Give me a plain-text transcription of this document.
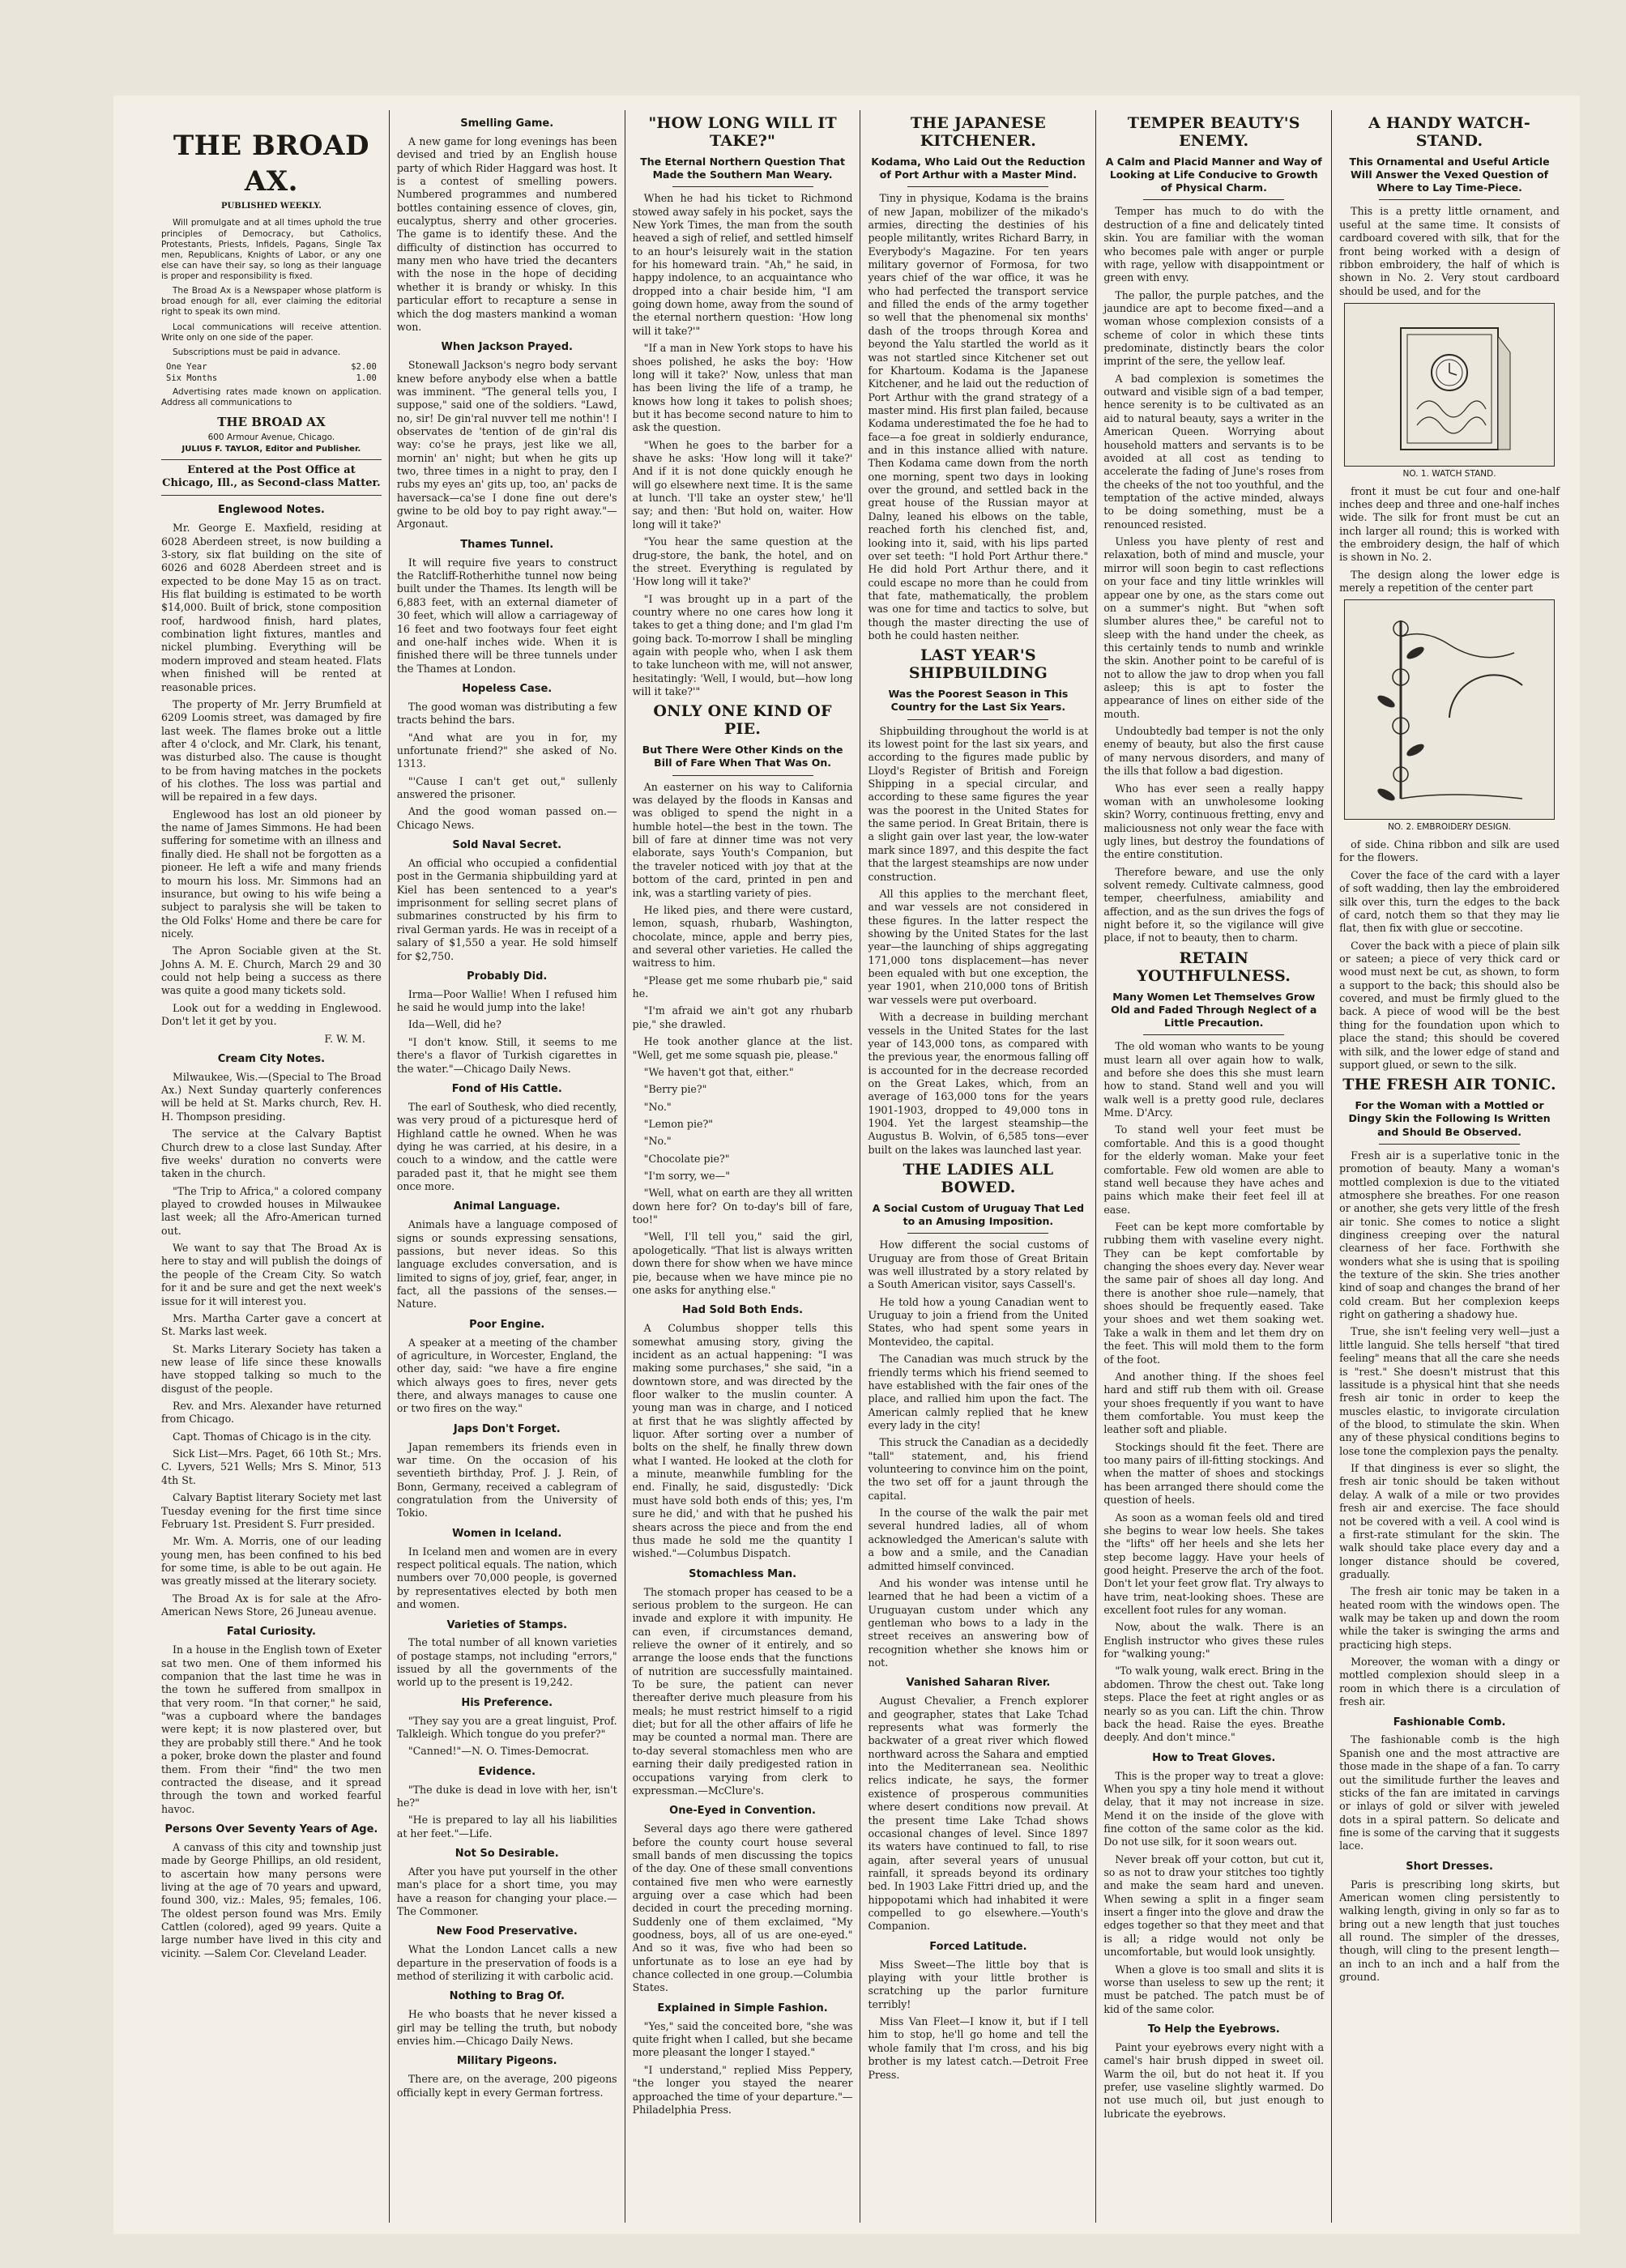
THE BROAD AX.
PUBLISHED WEEKLY.

Will promulgate and at all times uphold the true principles of Democracy, but Catholics, Protestants, Priests, Infidels, Pagans, Single Tax men, Republicans, Knights of Labor, or any one else can have their say, so long as their language is proper and responsibility is fixed.

The Broad Ax is a Newspaper whose platform is broad enough for all, ever claiming the editorial right to speak its own mind.

Local communications will receive attention. Write only on one side of the paper.

Subscriptions must be paid in advance.

One Year	$2.00
Six Months	1.00

Advertising rates made known on application. Address all communications to

THE BROAD AX
600 Armour Avenue, Chicago.
JULIUS F. TAYLOR, Editor and Publisher.
Entered at the Post Office at Chicago, Ill., as Second-class Matter.
Englewood Notes.

Mr. George E. Maxfield, residing at 6028 Aberdeen street, is now building a 3-story, six flat building on the site of 6026 and 6028 Aberdeen street and is expected to be done May 15 as on tract. His flat building is estimated to be worth $14,000. Built of brick, stone composition roof, hardwood finish, hard plates, combination light fixtures, mantles and nickel plumbing. Everything will be modern improved and steam heated. Flats when finished will be rented at reasonable prices.

The property of Mr. Jerry Brumfield at 6209 Loomis street, was damaged by fire last week. The flames broke out a little after 4 o'clock, and Mr. Clark, his tenant, was disturbed also. The cause is thought to be from having matches in the pockets of his clothes. The loss was partial and will be repaired in a few days.

Englewood has lost an old pioneer by the name of James Simmons. He had been suffering for sometime with an illness and finally died. He shall not be forgotten as a pioneer. He left a wife and many friends to mourn his loss. Mr. Simmons had an insurance, but owing to his wife being a subject to paralysis she will be taken to the Old Folks' Home and there be care for nicely.

The Apron Sociable given at the St. Johns A. M. E. Church, March 29 and 30 could not help being a success as there was quite a good many tickets sold.

Look out for a wedding in Englewood. Don't let it get by you.

F. W. M.
Cream City Notes.

Milwaukee, Wis.—(Special to The Broad Ax.) Next Sunday quarterly conferences will be held at St. Marks church, Rev. H. H. Thompson presiding.

The service at the Calvary Baptist Church drew to a close last Sunday. After five weeks' duration no converts were taken in the church.

"The Trip to Africa," a colored company played to crowded houses in Milwaukee last week; all the Afro-American turned out.

We want to say that The Broad Ax is here to stay and will publish the doings of the people of the Cream City. So watch for it and be sure and get the next week's issue for it will interest you.

Mrs. Martha Carter gave a concert at St. Marks last week.

St. Marks Literary Society has taken a new lease of life since these knowalls have stopped talking so much to the disgust of the people.

Rev. and Mrs. Alexander have returned from Chicago.

Capt. Thomas of Chicago is in the city.

Sick List—Mrs. Paget, 66 10th St.; Mrs. C. Lyvers, 521 Wells; Mrs S. Minor, 513 4th St.

Calvary Baptist literary Society met last Tuesday evening for the first time since February 1st. President S. Furr presided.

Mr. Wm. A. Morris, one of our leading young men, has been confined to his bed for some time, is able to be out again. He was greatly missed at the literary society.

The Broad Ax is for sale at the Afro-American News Store, 26 Juneau avenue.

Fatal Curiosity.

In a house in the English town of Exeter sat two men. One of them informed his companion that the last time he was in the town he suffered from smallpox in that very room. "In that corner," he said, "was a cupboard where the bandages were kept; it is now plastered over, but they are probably still there." And he took a poker, broke down the plaster and found them. From their "find" the two men contracted the disease, and it spread through the town and worked fearful havoc.

Persons Over Seventy Years of Age.

A canvass of this city and township just made by George Phillips, an old resident, to ascertain how many persons were living at the age of 70 years and upward, found 300, viz.: Males, 95; females, 106. The oldest person found was Mrs. Emily Cattlen (colored), aged 99 years. Quite a large number have lived in this city and vicinity. —Salem Cor. Cleveland Leader.

Smelling Game.

A new game for long evenings has been devised and tried by an English house party of which Rider Haggard was host. It is a contest of smelling powers. Numbered programmes and numbered bottles containing essence of cloves, gin, eucalyptus, sherry and other groceries. The game is to identify these. And the difficulty of distinction has occurred to many men who have tried the decanters with the nose in the hope of deciding whether it is brandy or whisky. In this particular effort to recapture a sense in which the dog masters mankind a woman won.

When Jackson Prayed.

Stonewall Jackson's negro body servant knew before anybody else when a battle was imminent. "The general tells you, I suppose," said one of the soldiers. "Lawd, no, sir! De gin'ral nuvver tell me nothin'! I observates de 'tention of de gin'ral dis way: co'se he prays, jest like we all, mornin' an' night; but when he gits up two, three times in a night to pray, den I rubs my eyes an' gits up, too, an' packs de haversack—ca'se I done fine out dere's gwine to be old boy to pay right away."—Argonaut.

Thames Tunnel.

It will require five years to construct the Ratcliff-Rotherhithe tunnel now being built under the Thames. Its length will be 6,883 feet, with an external diameter of 30 feet, which will allow a carriageway of 16 feet and two footways four feet eight and one-half inches wide. When it is finished there will be three tunnels under the Thames at London.

Hopeless Case.

The good woman was distributing a few tracts behind the bars.

"And what are you in for, my unfortunate friend?" she asked of No. 1313.

"'Cause I can't get out," sullenly answered the prisoner.

And the good woman passed on.—Chicago News.

Sold Naval Secret.

An official who occupied a confidential post in the Germania shipbuilding yard at Kiel has been sentenced to a year's imprisonment for selling secret plans of submarines constructed by his firm to rival German yards. He was in receipt of a salary of $1,550 a year. He sold himself for $2,750.

Probably Did.

Irma—Poor Wallie! When I refused him he said he would jump into the lake!

Ida—Well, did he?

"I don't know. Still, it seems to me there's a flavor of Turkish cigarettes in the water."—Chicago Daily News.

Fond of His Cattle.

The earl of Southesk, who died recently, was very proud of a picturesque herd of Highland cattle he owned. When he was dying he was carried, at his desire, in a couch to a window, and the cattle were paraded past it, that he might see them once more.

Animal Language.

Animals have a language composed of signs or sounds expressing sensations, passions, but never ideas. So this language excludes conversation, and is limited to signs of joy, grief, fear, anger, in fact, all the passions of the senses.—Nature.

Poor Engine.

A speaker at a meeting of the chamber of agriculture, in Worcester, England, the other day, said: "we have a fire engine which always goes to fires, never gets there, and always manages to cause one or two fires on the way."

Japs Don't Forget.

Japan remembers its friends even in war time. On the occasion of his seventieth birthday, Prof. J. J. Rein, of Bonn, Germany, received a cablegram of congratulation from the University of Tokio.

Women in Iceland.

In Iceland men and women are in every respect political equals. The nation, which numbers over 70,000 people, is governed by representatives elected by both men and women.

Varieties of Stamps.

The total number of all known varieties of postage stamps, not including "errors," issued by all the governments of the world up to the present is 19,242.

His Preference.

"They say you are a great linguist, Prof. Talkleigh. Which tongue do you prefer?"

"Canned!"—N. O. Times-Democrat.

Evidence.

"The duke is dead in love with her, isn't he?"

"He is prepared to lay all his liabilities at her feet."—Life.

Not So Desirable.

After you have put yourself in the other man's place for a short time, you may have a reason for changing your place.—The Commoner.

New Food Preservative.

What the London Lancet calls a new departure in the preservation of foods is a method of sterilizing it with carbolic acid.

Nothing to Brag Of.

He who boasts that he never kissed a girl may be telling the truth, but nobody envies him.—Chicago Daily News.

Military Pigeons.

There are, on the average, 200 pigeons officially kept in every German fortress.

"HOW LONG WILL IT TAKE?"
The Eternal Northern Question That Made the Southern Man Weary.

When he had his ticket to Richmond stowed away safely in his pocket, says the New York Times, the man from the south heaved a sigh of relief, and settled himself to an hour's leisurely wait in the station for his homeward train. "Ah," he said, in happy indolence, to an acquaintance who dropped into a chair beside him, "I am going down home, away from the sound of the eternal northern question: 'How long will it take?'"

"If a man in New York stops to have his shoes polished, he asks the boy: 'How long will it take?' Now, unless that man has been living the life of a tramp, he knows how long it takes to polish shoes; but it has become second nature to him to ask the question.

"When he goes to the barber for a shave he asks: 'How long will it take?' And if it is not done quickly enough he will go elsewhere next time. It is the same at lunch. 'I'll take an oyster stew,' he'll say; and then: 'But hold on, waiter. How long will it take?'

"You hear the same question at the drug-store, the bank, the hotel, and on the street. Everything is regulated by 'How long will it take?'

"I was brought up in a part of the country where no one cares how long it takes to get a thing done; and I'm glad I'm going back. To-morrow I shall be mingling again with people who, when I ask them to take luncheon with me, will not answer, hesitatingly: 'Well, I would, but—how long will it take?'"

ONLY ONE KIND OF PIE.
But There Were Other Kinds on the Bill of Fare When That Was On.

An easterner on his way to California was delayed by the floods in Kansas and was obliged to spend the night in a humble hotel—the best in the town. The bill of fare at dinner time was not very elaborate, says Youth's Companion, but the traveler noticed with joy that at the bottom of the card, printed in pen and ink, was a startling variety of pies.

He liked pies, and there were custard, lemon, squash, rhubarb, Washington, chocolate, mince, apple and berry pies, and several other varieties. He called the waitress to him.

"Please get me some rhubarb pie," said he.

"I'm afraid we ain't got any rhubarb pie," she drawled.

He took another glance at the list. "Well, get me some squash pie, please."

"We haven't got that, either."

"Berry pie?"

"No."

"Lemon pie?"

"No."

"Chocolate pie?"

"I'm sorry, we—"

"Well, what on earth are they all written down here for? On to-day's bill of fare, too!"

"Well, I'll tell you," said the girl, apologetically. "That list is always written down there for show when we have mince pie, because when we have mince pie no one asks for anything else."

Had Sold Both Ends.

A Columbus shopper tells this somewhat amusing story, giving the incident as an actual happening: "I was making some purchases," she said, "in a downtown store, and was directed by the floor walker to the muslin counter. A young man was in charge, and I noticed at first that he was slightly affected by liquor. After sorting over a number of bolts on the shelf, he finally threw down what I wanted. He looked at the cloth for a minute, meanwhile fumbling for the end. Finally, he said, disgustedly: 'Dick must have sold both ends of this; yes, I'm sure he did,' and with that he pushed his shears across the piece and from the end thus made he sold me the quantity I wished."—Columbus Dispatch.

Stomachless Man.

The stomach proper has ceased to be a serious problem to the surgeon. He can invade and explore it with impunity. He can even, if circumstances demand, relieve the owner of it entirely, and so arrange the loose ends that the functions of nutrition are successfully maintained. To be sure, the patient can never thereafter derive much pleasure from his meals; he must restrict himself to a rigid diet; but for all the other affairs of life he may be counted a normal man. There are to-day several stomachless men who are earning their daily predigested ration in occupations varying from clerk to expressman.—McClure's.

One-Eyed in Convention.

Several days ago there were gathered before the county court house several small bands of men discussing the topics of the day. One of these small conventions contained five men who were earnestly arguing over a case which had been decided in court the preceding morning. Suddenly one of them exclaimed, "My goodness, boys, all of us are one-eyed." And so it was, five who had been so unfortunate as to lose an eye had by chance collected in one group.—Columbia States.

Explained in Simple Fashion.

"Yes," said the conceited bore, "she was quite fright when I called, but she became more pleasant the longer I stayed."

"I understand," replied Miss Peppery, "the longer you stayed the nearer approached the time of your departure."—Philadelphia Press.

THE JAPANESE KITCHENER.
Kodama, Who Laid Out the Reduction of Port Arthur with a Master Mind.

Tiny in physique, Kodama is the brains of new Japan, mobilizer of the mikado's armies, directing the destinies of his people militantly, writes Richard Barry, in Everybody's Magazine. For ten years military governor of Formosa, for two years chief of the war office, it was he who had perfected the transport service and filled the ends of the army together so well that the phenomenal six months' dash of the troops through Korea and beyond the Yalu startled the world as it was not startled since Kitchener set out for Khartoum. Kodama is the Japanese Kitchener, and he laid out the reduction of Port Arthur with the grand strategy of a master mind. His first plan failed, because Kodama underestimated the foe he had to face—a foe great in soldierly endurance, and in this instance allied with nature. Then Kodama came down from the north one morning, spent two days in looking over the ground, and settled back in the great house of the Russian mayor at Dalny, leaned his elbows on the table, reached forth his clenched fist, and, looking into it, said, with his lips parted over set teeth: "I hold Port Arthur there." He did hold Port Arthur there, and it could escape no more than he could from that fate, mathematically, the problem was one for time and tactics to solve, but though the master directing the use of both he could hasten neither.

LAST YEAR'S SHIPBUILDING
Was the Poorest Season in This Country for the Last Six Years.

Shipbuilding throughout the world is at its lowest point for the last six years, and according to the figures made public by Lloyd's Register of British and Foreign Shipping in a special circular, and according to these same figures the year was the poorest in the United States for the same period. In Great Britain, there is a slight gain over last year, the low-water mark since 1897, and this despite the fact that the largest steamships are now under construction.

All this applies to the merchant fleet, and war vessels are not considered in these figures. In the latter respect the showing by the United States for the last year—the launching of ships aggregating 171,000 tons displacement—has never been equaled with but one exception, the year 1901, when 210,000 tons of British war vessels were put overboard.

With a decrease in building merchant vessels in the United States for the last year of 143,000 tons, as compared with the previous year, the enormous falling off is accounted for in the decrease recorded on the Great Lakes, which, from an average of 163,000 tons for the years 1901-1903, dropped to 49,000 tons in 1904. Yet the largest steamship—the Augustus B. Wolvin, of 6,585 tons—ever built on the lakes was launched last year.

THE LADIES ALL BOWED.
A Social Custom of Uruguay That Led to an Amusing Imposition.

How different the social customs of Uruguay are from those of Great Britain was well illustrated by a story related by a South American visitor, says Cassell's.

He told how a young Canadian went to Uruguay to join a friend from the United States, who had spent some years in Montevideo, the capital.

The Canadian was much struck by the friendly terms which his friend seemed to have established with the fair ones of the place, and rallied him upon the fact. The American calmly replied that he knew every lady in the city!

This struck the Canadian as a decidedly "tall" statement, and, his friend volunteering to convince him on the point, the two set off for a jaunt through the capital.

In the course of the walk the pair met several hundred ladies, all of whom acknowledged the American's salute with a bow and a smile, and the Canadian admitted himself convinced.

And his wonder was intense until he learned that he had been a victim of a Uruguayan custom under which any gentleman who bows to a lady in the street receives an answering bow of recognition whether she knows him or not.

Vanished Saharan River.

August Chevalier, a French explorer and geographer, states that Lake Tchad represents what was formerly the backwater of a great river which flowed northward across the Sahara and emptied into the Mediterranean sea. Neolithic relics indicate, he says, the former existence of prosperous communities where desert conditions now prevail. At the present time Lake Tchad shows occasional changes of level. Since 1897 its waters have continued to fall, to rise again, after several years of unusual rainfall, it spreads beyond its ordinary bed. In 1903 Lake Fittri dried up, and the hippopotami which had inhabited it were compelled to go elsewhere.—Youth's Companion.

Forced Latitude.

Miss Sweet—The little boy that is playing with your little brother is scratching up the parlor furniture terribly!

Miss Van Fleet—I know it, but if I tell him to stop, he'll go home and tell the whole family that I'm cross, and his big brother is my latest catch.—Detroit Free Press.

TEMPER BEAUTY'S ENEMY.
A Calm and Placid Manner and Way of Looking at Life Conducive to Growth of Physical Charm.

Temper has much to do with the destruction of a fine and delicately tinted skin. You are familiar with the woman who becomes pale with anger or purple with rage, yellow with disappointment or green with envy.

The pallor, the purple patches, and the jaundice are apt to become fixed—and a woman whose complexion consists of a scheme of color in which these tints predominate, distinctly bears the color imprint of the sere, the yellow leaf.

A bad complexion is sometimes the outward and visible sign of a bad temper, hence serenity is to be cultivated as an aid to natural beauty, says a writer in the American Queen. Worrying about household matters and servants is to be avoided at all cost as tending to accelerate the fading of June's roses from the cheeks of the not too youthful, and the temptation of the active minded, always to be doing something, must be a renounced resisted.

Unless you have plenty of rest and relaxation, both of mind and muscle, your mirror will soon begin to cast reflections on your face and tiny little wrinkles will appear one by one, as the stars come out on a summer's night. But "when soft slumber alures thee," be careful not to sleep with the hand under the cheek, as this certainly tends to numb and wrinkle the skin. Another point to be careful of is not to allow the jaw to drop when you fall asleep; this is apt to foster the appearance of lines on either side of the mouth.

Undoubtedly bad temper is not the only enemy of beauty, but also the first cause of many nervous disorders, and many of the ills that follow a bad digestion.

Who has ever seen a really happy woman with an unwholesome looking skin? Worry, continuous fretting, envy and maliciousness not only wear the face with ugly lines, but destroy the foundations of the entire constitution.

Therefore beware, and use the only solvent remedy. Cultivate calmness, good temper, cheerfulness, amiability and affection, and as the sun drives the fogs of night before it, so the vigilance will give place, if not to beauty, then to charm.

RETAIN YOUTHFULNESS.
Many Women Let Themselves Grow Old and Faded Through Neglect of a Little Precaution.

The old woman who wants to be young must learn all over again how to walk, and before she does this she must learn how to stand. Stand well and you will walk well is a pretty good rule, declares Mme. D'Arcy.

To stand well your feet must be comfortable. And this is a good thought for the elderly woman. Make your feet comfortable. Few old women are able to stand well because they have aches and pains which make their feet feel ill at ease.

Feet can be kept more comfortable by rubbing them with vaseline every night. They can be kept comfortable by changing the shoes every day. Never wear the same pair of shoes all day long. And there is another shoe rule—namely, that shoes should be frequently eased. Take your shoes and wet them soaking wet. Take a walk in them and let them dry on the feet. This will mold them to the form of the foot.

And another thing. If the shoes feel hard and stiff rub them with oil. Grease your shoes frequently if you want to have them comfortable. You must keep the leather soft and pliable.

Stockings should fit the feet. There are too many pairs of ill-fitting stockings. And when the matter of shoes and stockings has been arranged there should come the question of heels.

As soon as a woman feels old and tired she begins to wear low heels. She takes the "lifts" off her heels and she lets her step become laggy. Have your heels of good height. Preserve the arch of the foot. Don't let your feet grow flat. Try always to have trim, neat-looking shoes. These are excellent foot rules for any woman.

Now, about the walk. There is an English instructor who gives these rules for "walking young:"

"To walk young, walk erect. Bring in the abdomen. Throw the chest out. Take long steps. Place the feet at right angles or as nearly so as you can. Lift the chin. Throw back the head. Raise the eyes. Breathe deeply. And don't mince."

How to Treat Gloves.

This is the proper way to treat a glove: When you spy a tiny hole mend it without delay, that it may not increase in size. Mend it on the inside of the glove with fine cotton of the same color as the kid. Do not use silk, for it soon wears out.

Never break off your cotton, but cut it, so as not to draw your stitches too tightly and make the seam hard and uneven. When sewing a split in a finger seam insert a finger into the glove and draw the edges together so that they meet and that is all; a ridge would not only be uncomfortable, but would look unsightly.

When a glove is too small and slits it is worse than useless to sew up the rent; it must be patched. The patch must be of kid of the same color.

To Help the Eyebrows.

Paint your eyebrows every night with a camel's hair brush dipped in sweet oil. Warm the oil, but do not heat it. If you prefer, use vaseline slightly warmed. Do not use much oil, but just enough to lubricate the eyebrows.

A HANDY WATCH-STAND.
This Ornamental and Useful Article Will Answer the Vexed Question of Where to Lay Time-Piece.

This is a pretty little ornament, and useful at the same time. It consists of cardboard covered with silk, that for the front being worked with a design of ribbon embroidery, the half of which is shown in No. 2. Very stout cardboard should be used, and for the

NO. 1. WATCH STAND.

front it must be cut four and one-half inches deep and three and one-half inches wide. The silk for front must be cut an inch larger all round; this is worked with the embroidery design, the half of which is shown in No. 2.

The design along the lower edge is merely a repetition of the center part

NO. 2. EMBROIDERY DESIGN.

of side. China ribbon and silk are used for the flowers.

Cover the face of the card with a layer of soft wadding, then lay the embroidered silk over this, turn the edges to the back of card, notch them so that they may lie flat, then fix with glue or seccotine.

Cover the back with a piece of plain silk or sateen; a piece of very thick card or wood must next be cut, as shown, to form a support to the back; this should also be covered, and must be firmly glued to the back. A piece of wood will be the best thing for the foundation upon which to place the stand; this should be covered with silk, and the lower edge of stand and support glued, or sewn to the silk.

THE FRESH AIR TONIC.
For the Woman with a Mottled or Dingy Skin the Following Is Written and Should Be Observed.

Fresh air is a superlative tonic in the promotion of beauty. Many a woman's mottled complexion is due to the vitiated atmosphere she breathes. For one reason or another, she gets very little of the fresh air tonic. She comes to notice a slight dinginess creeping over the natural clearness of her face. Forthwith she wonders what she is using that is spoiling the texture of the skin. She tries another kind of soap and changes the brand of her cold cream. But her complexion keeps right on gathering a shadowy hue.

True, she isn't feeling very well—just a little languid. She tells herself "that tired feeling" means that all the care she needs is "rest." She doesn't mistrust that this lassitude is a physical hint that she needs fresh air tonic in order to keep the muscles elastic, to invigorate circulation of the blood, to stimulate the skin. When any of these physical conditions begins to lose tone the complexion pays the penalty.

If that dinginess is ever so slight, the fresh air tonic should be taken without delay. A walk of a mile or two provides fresh air and exercise. The face should not be covered with a veil. A cool wind is a first-rate stimulant for the skin. The walk should take place every day and a longer distance should be covered, gradually.

The fresh air tonic may be taken in a heated room with the windows open. The walk may be taken up and down the room while the taker is swinging the arms and practicing high steps.

Moreover, the woman with a dingy or mottled complexion should sleep in a room in which there is a circulation of fresh air.

Fashionable Comb.

The fashionable comb is the high Spanish one and the most attractive are those made in the shape of a fan. To carry out the similitude further the leaves and sticks of the fan are imitated in carvings or inlays of gold or silver with jeweled dots in a spiral pattern. So delicate and fine is some of the carving that it suggests lace.

Short Dresses.

Paris is prescribing long skirts, but American women cling persistently to walking length, giving in only so far as to bring out a new length that just touches all round. The simpler of the dresses, though, will cling to the present length—an inch to an inch and a half from the ground.
